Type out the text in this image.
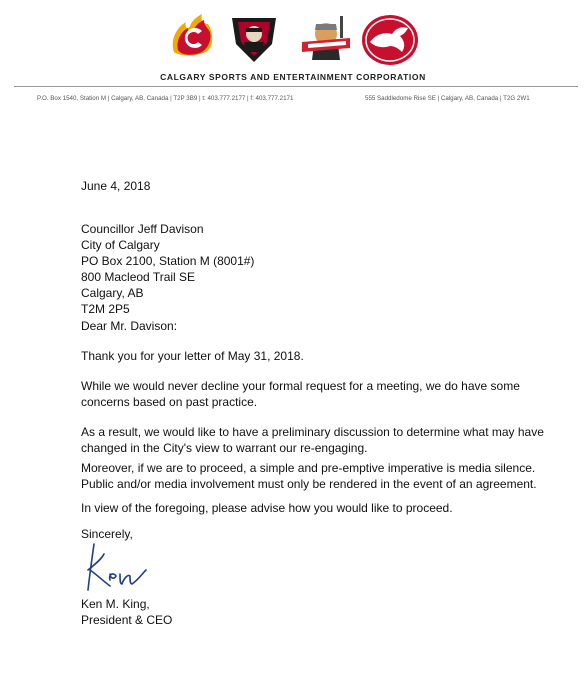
CALGARY SPORTS AND ENTERTAINMENT CORPORATION
P.O. Box 1540, Station M | Calgary, AB, Canada | T2P 3B9 | t: 403.777.2177 | f: 403.777.2171	555 Saddledome Rise SE | Calgary, AB, Canada | T2G 2W1
June 4, 2018
Councillor Jeff Davison
City of Calgary
PO Box 2100, Station M (8001#)
800 Macleod Trail SE
Calgary, AB
T2M 2P5
Dear Mr. Davison:
Thank you for your letter of May 31, 2018.
While we would never decline your formal request for a meeting, we do have some concerns based on past practice.
As a result, we would like to have a preliminary discussion to determine what may have changed in the City's view to warrant our re-engaging.
Moreover, if we are to proceed, a simple and pre-emptive imperative is media silence. Public and/or media involvement must only be rendered in the event of an agreement.
In view of the foregoing, please advise how you would like to proceed.
Sincerely,
Ken M. King,
President & CEO
